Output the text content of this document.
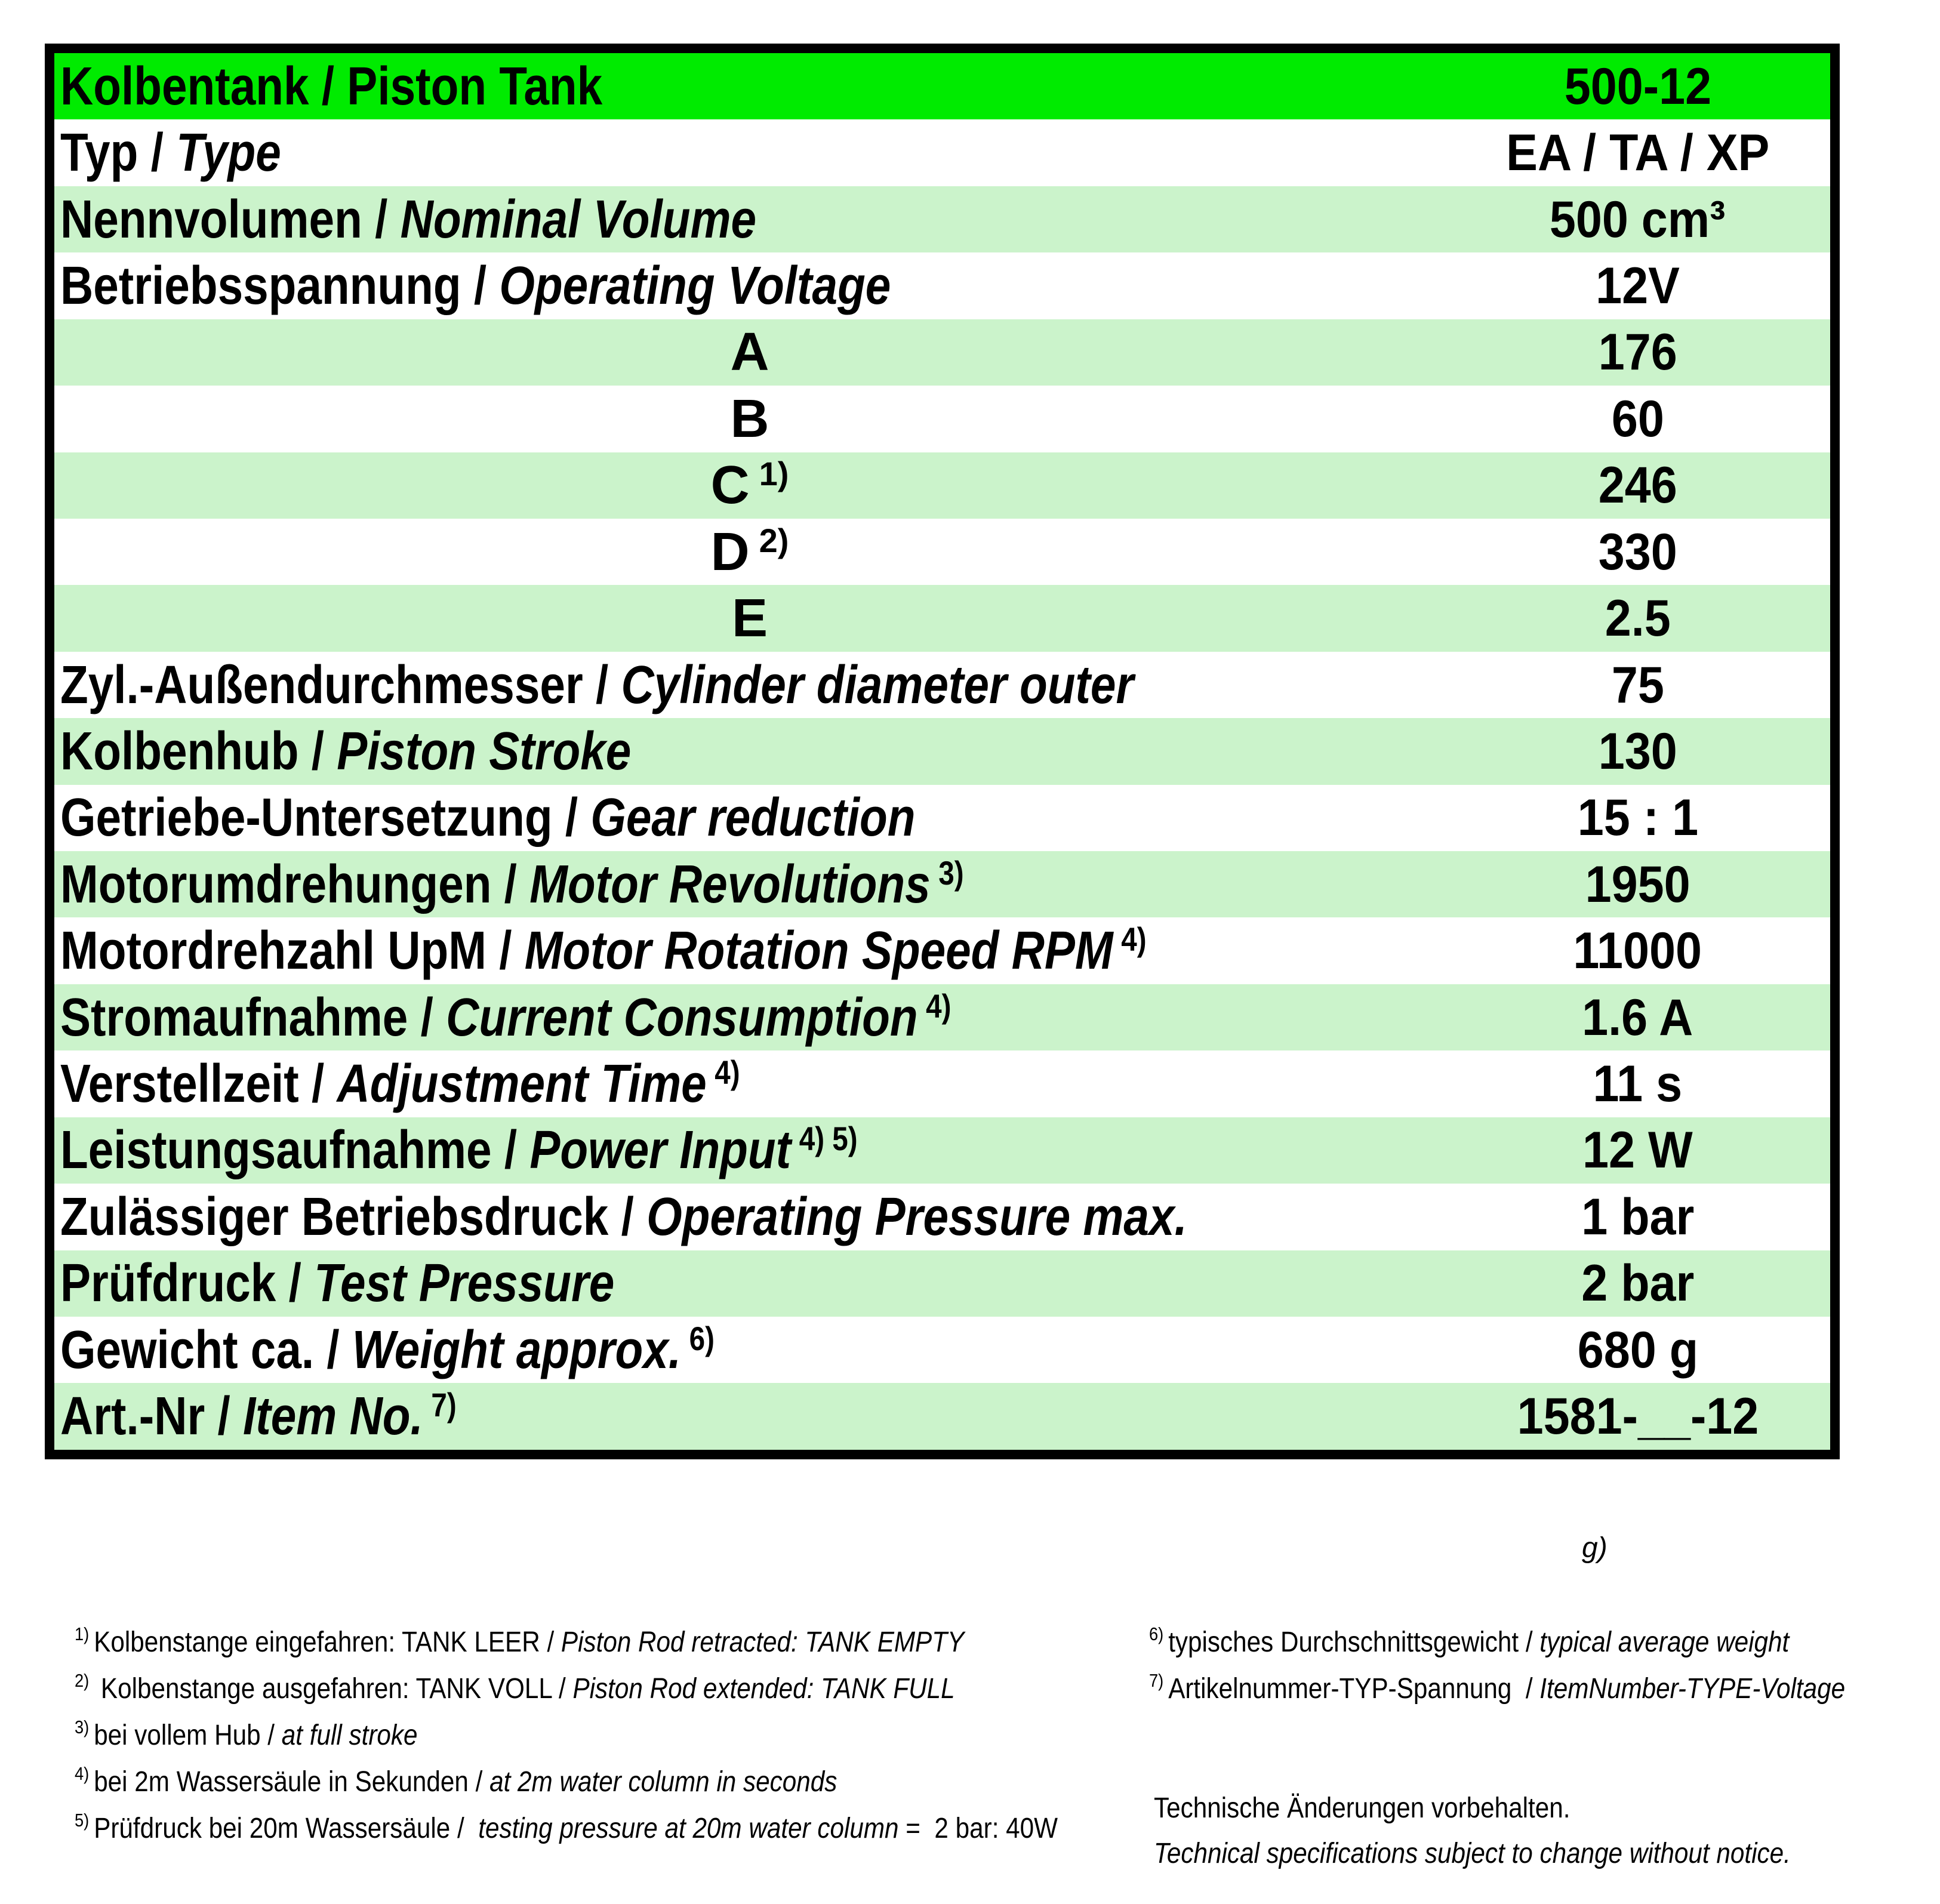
Kolbentank / Piston Tank	500-12
Typ / Type	EA / TA / XP
Nennvolumen / Nominal Volume	500 cm³
Betriebsspannung / Operating Voltage	12V
A	176
B	60
C $^{1)}$	246
D $^{2)}$	330
E	2.5
Zyl.-Außendurchmesser / Cylinder diameter outer	75
Kolbenhub / Piston Stroke	130
Getriebe-Untersetzung / Gear reduction	15 : 1
Motorumdrehungen / Motor Revolutions $^{3)}$	1950
Motordrehzahl UpM / Motor Rotation Speed RPM $^{4)}$	11000
Stromaufnahme / Current Consumption $^{4)}$	1.6 A
Verstellzeit / Adjustment Time $^{4)}$	11 s
Leistungsaufnahme / Power Input $^{4) 5)}$	12 W
Zulässiger Betriebsdruck / Operating Pressure max.	1 bar
Prüfdruck / Test Pressure	2 bar
Gewicht ca. / Weight approx. $^{6)}$	680 g
Art.-Nr / Item No. $^{7)}$	1581-__-12
g)

$^{1)}$ Kolbenstange eingefahren: TANK LEER / Piston Rod retracted: TANK EMPTY

$^{2)}$ Kolbenstange ausgefahren: TANK VOLL / Piston Rod extended: TANK FULL

$^{3)}$ bei vollem Hub / at full stroke

$^{4)}$ bei 2m Wassersäule in Sekunden / at 2m water column in seconds

$^{5)}$ Prüfdruck bei 20m Wassersäule /  testing pressure at 20m water column =  2 bar: 40W

$^{6)}$ typisches Durchschnittsgewicht / typical average weight

$^{7)}$ Artikelnummer-TYP-Spannung  / ItemNumber-TYPE-Voltage

Technische Änderungen vorbehalten.

Technical specifications subject to change without notice.
